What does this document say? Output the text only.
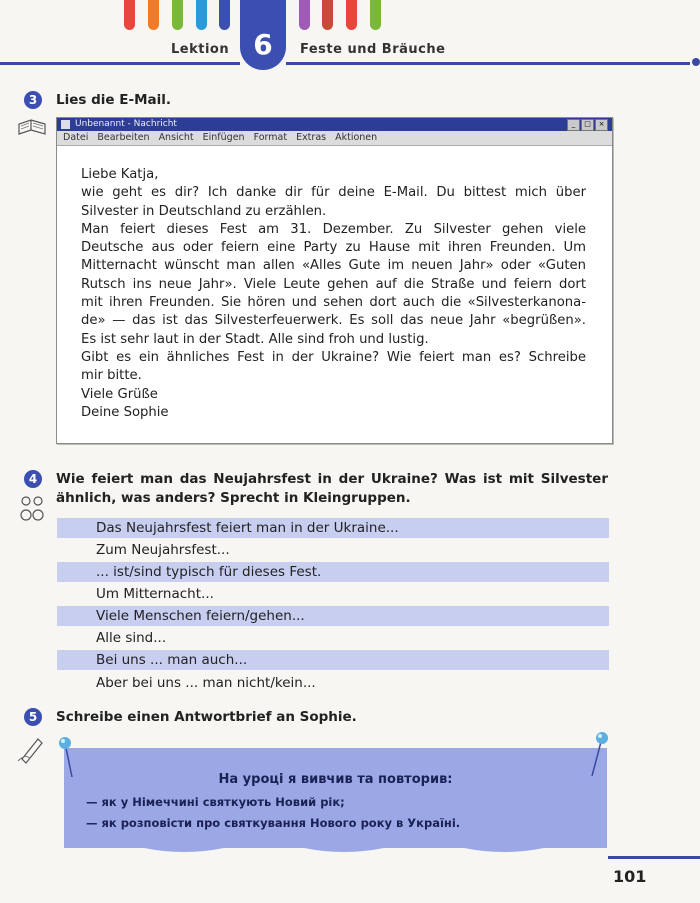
Lektion 6	Feste und Bräuche
3	Lies die E-Mail.
Unbenannt - Nachricht	_	□	×
Datei Bearbeiten Ansicht Einfügen Format Extras Aktionen
Liebe Katja,
wie geht es dir? Ich danke dir für deine E-Mail. Du bittest mich über
Silvester in Deutschland zu erzählen.
Man feiert dieses Fest am 31. Dezember. Zu Silvester gehen viele
Deutsche aus oder feiern eine Party zu Hause mit ihren Freunden. Um
Mitternacht wünscht man allen «Alles Gute im neuen Jahr» oder «Guten
Rutsch ins neue Jahr». Viele Leute gehen auf die Straße und feiern dort
mit ihren Freunden. Sie hören und sehen dort auch die «Silvesterkanona-
de» — das ist das Silvesterfeuerwerk. Es soll das neue Jahr «begrüßen».
Es ist sehr laut in der Stadt. Alle sind froh und lustig.
Gibt es ein ähnliches Fest in der Ukraine? Wie feiert man es? Schreibe
mir bitte.
Viele Grüße
Deine Sophie
4	Wie feiert man das Neujahrsfest in der Ukraine? Was ist mit Silvester
ähnlich, was anders? Sprecht in Kleingruppen.
Das Neujahrsfest feiert man in der Ukraine...
Zum Neujahrsfest...
... ist/sind typisch für dieses Fest.
Um Mitternacht...
Viele Menschen feiern/gehen...
Alle sind...
Bei uns ... man auch...
Aber bei uns ... man nicht/kein...
5	Schreibe einen Antwortbrief an Sophie.
На уроці я вивчив та повторив:
— як у Німеччині святкують Новий рік;
— як розповісти про святкування Нового року в Україні.
101
